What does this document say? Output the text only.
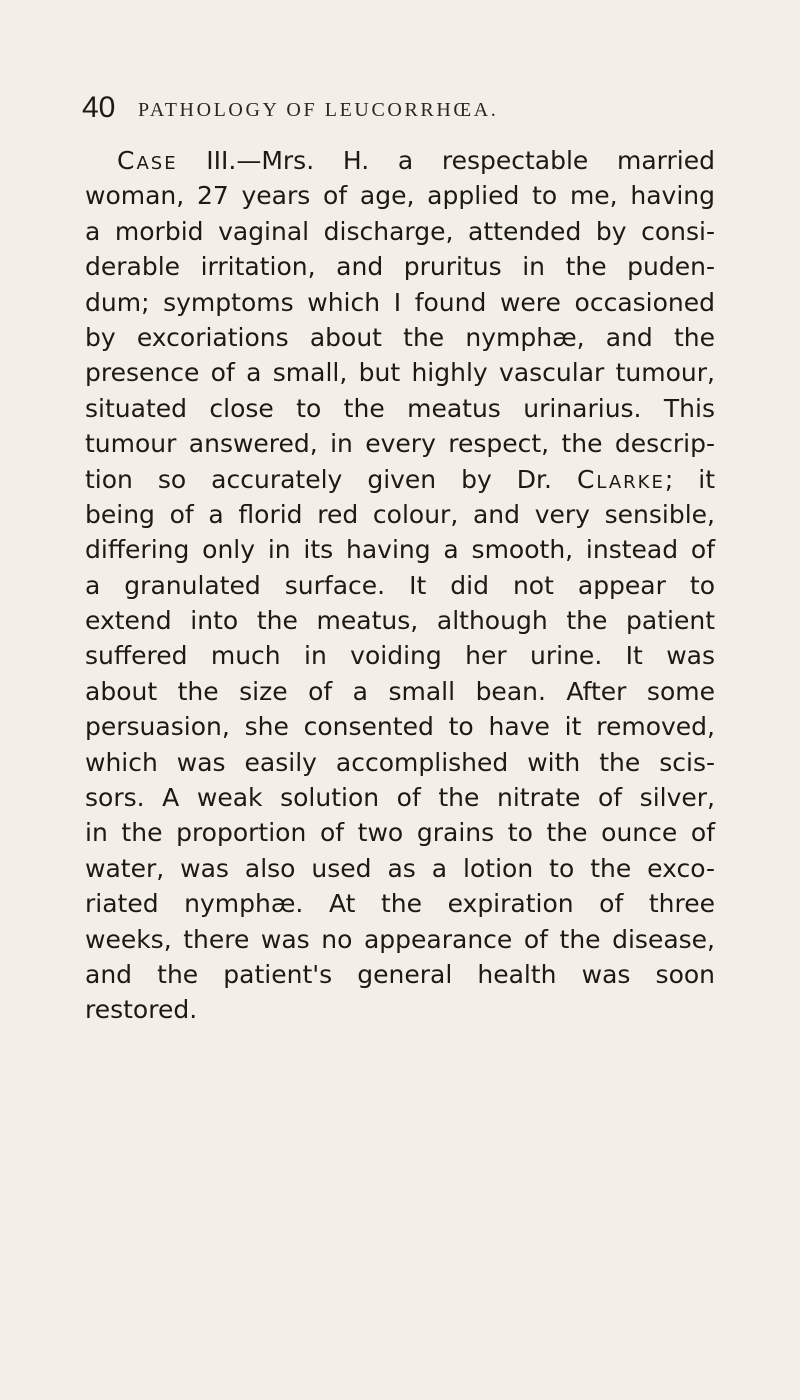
40 PATHOLOGY OF LEUCORRHŒA.
Case III.—Mrs. H. a respectable married
woman, 27 years of age, applied to me, having
a morbid vaginal discharge, attended by consi-
derable irritation, and pruritus in the puden-
dum; symptoms which I found were occasioned
by excoriations about the nymphæ, and the
presence of a small, but highly vascular tumour,
situated close to the meatus urinarius. This
tumour answered, in every respect, the descrip-
tion so accurately given by Dr. Clarke; it
being of a florid red colour, and very sensible,
differing only in its having a smooth, instead of
a granulated surface. It did not appear to
extend into the meatus, although the patient
suffered much in voiding her urine. It was
about the size of a small bean. After some
persuasion, she consented to have it removed,
which was easily accomplished with the scis-
sors. A weak solution of the nitrate of silver,
in the proportion of two grains to the ounce of
water, was also used as a lotion to the exco-
riated nymphæ. At the expiration of three
weeks, there was no appearance of the disease,
and the patient's general health was soon
restored.
